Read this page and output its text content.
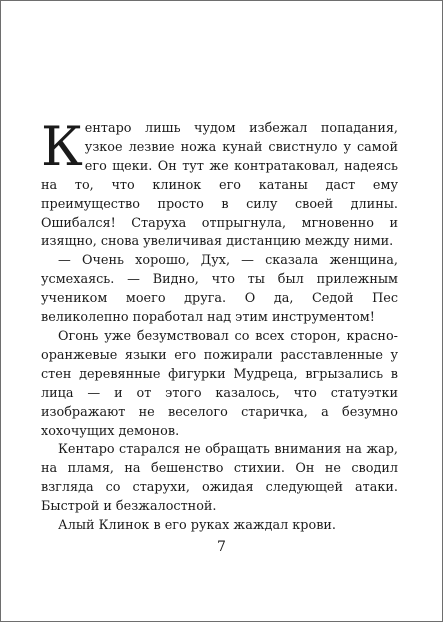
Кентаро лишь чудом избежал попадания, узкое лезвие ножа кунай свистнуло у самой его щеки. Он тут же контратаковал, надеясь на то, что клинок его катаны даст ему преимущество просто в силу своей длины. Ошибался! Старуха отпрыгнула, мгновенно и изящно, снова увеличивая дистанцию между ними.

— Очень хорошо, Дух, — сказала женщина, усмехаясь. — Видно, что ты был прилежным учеником моего друга. О да, Седой Пес великолепно поработал над этим инструментом!

Огонь уже безумствовал со всех сторон, красно-оранжевые языки его пожирали расставленные у стен деревянные фигурки Мудреца, вгрызались в лица — и от этого казалось, что статуэтки изображают не веселого старичка, а безумно хохочущих демонов.

Кентаро старался не обращать внимания на жар, на пламя, на бешенство стихии. Он не сводил взгляда со старухи, ожидая следующей атаки. Быстрой и безжалостной.

Алый Клинок в его руках жаждал крови.

7
